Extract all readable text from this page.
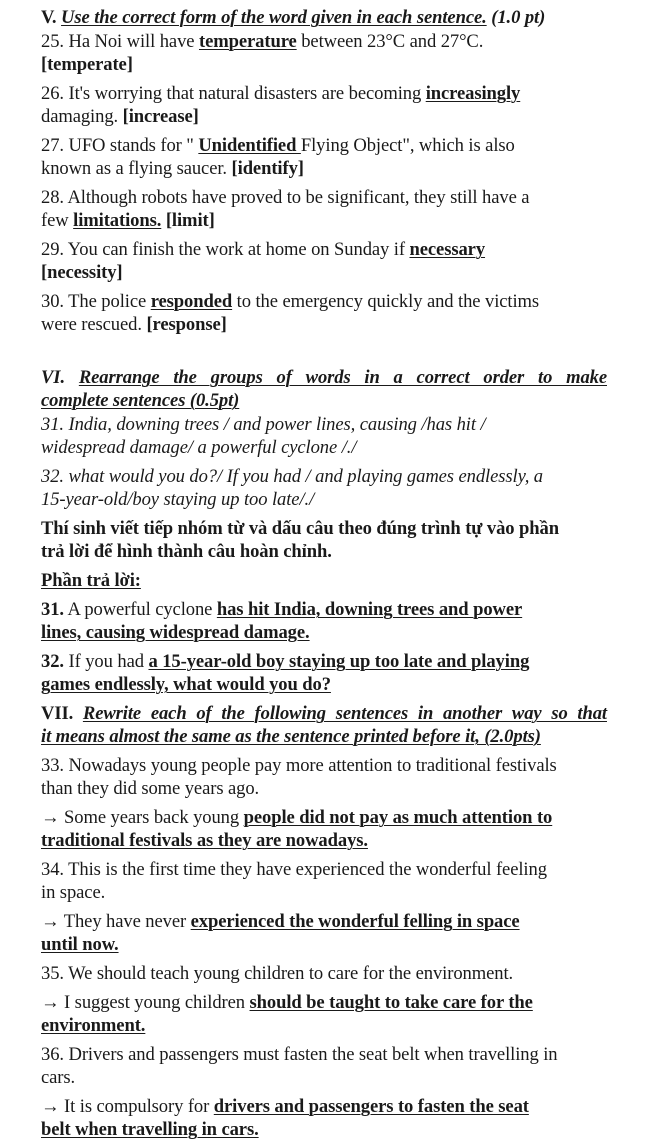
V. Use the correct form of the word given in each sentence. (1.0 pt)
25. Ha Noi will have temperature between 23°C and 27°C.
[temperate]
26. It's worrying that natural disasters are becoming increasingly
damaging. [increase]
27. UFO stands for " Unidentified Flying Object", which is also
known as a flying saucer. [identify]
28. Although robots have proved to be significant, they still have a
few limitations. [limit]
29. You can finish the work at home on Sunday if necessary
[necessity]
30. The police responded to the emergency quickly and the victims
were rescued. [response]
VI. Rearrange the groups of words in a correct order to make
complete sentences (0.5pt)
31. India, downing trees / and power lines, causing /has hit /
widespread damage/ a powerful cyclone /./
32. what would you do?/ If you had / and playing games endlessly, a
15-year-old/boy staying up too late/./
Thí sinh viết tiếp nhóm từ và dấu câu theo đúng trình tự vào phần
trả lời để hình thành câu hoàn chỉnh.
Phần trả lời:
31. A powerful cyclone has hit India, downing trees and power
lines, causing widespread damage.
32. If you had a 15-year-old boy staying up too late and playing
games endlessly, what would you do?
VII. Rewrite each of the following sentences in another way so that
it means almost the same as the sentence printed before it, (2.0pts)
33. Nowadays young people pay more attention to traditional festivals
than they did some years ago.
→ Some years back young people did not pay as much attention to
traditional festivals as they are nowadays.
34. This is the first time they have experienced the wonderful feeling
in space.
→ They have never experienced the wonderful felling in space
until now.
35. We should teach young children to care for the environment.
→ I suggest young children should be taught to take care for the
environment.
36. Drivers and passengers must fasten the seat belt when travelling in
cars.
→ It is compulsory for drivers and passengers to fasten the seat
belt when travelling in cars.
